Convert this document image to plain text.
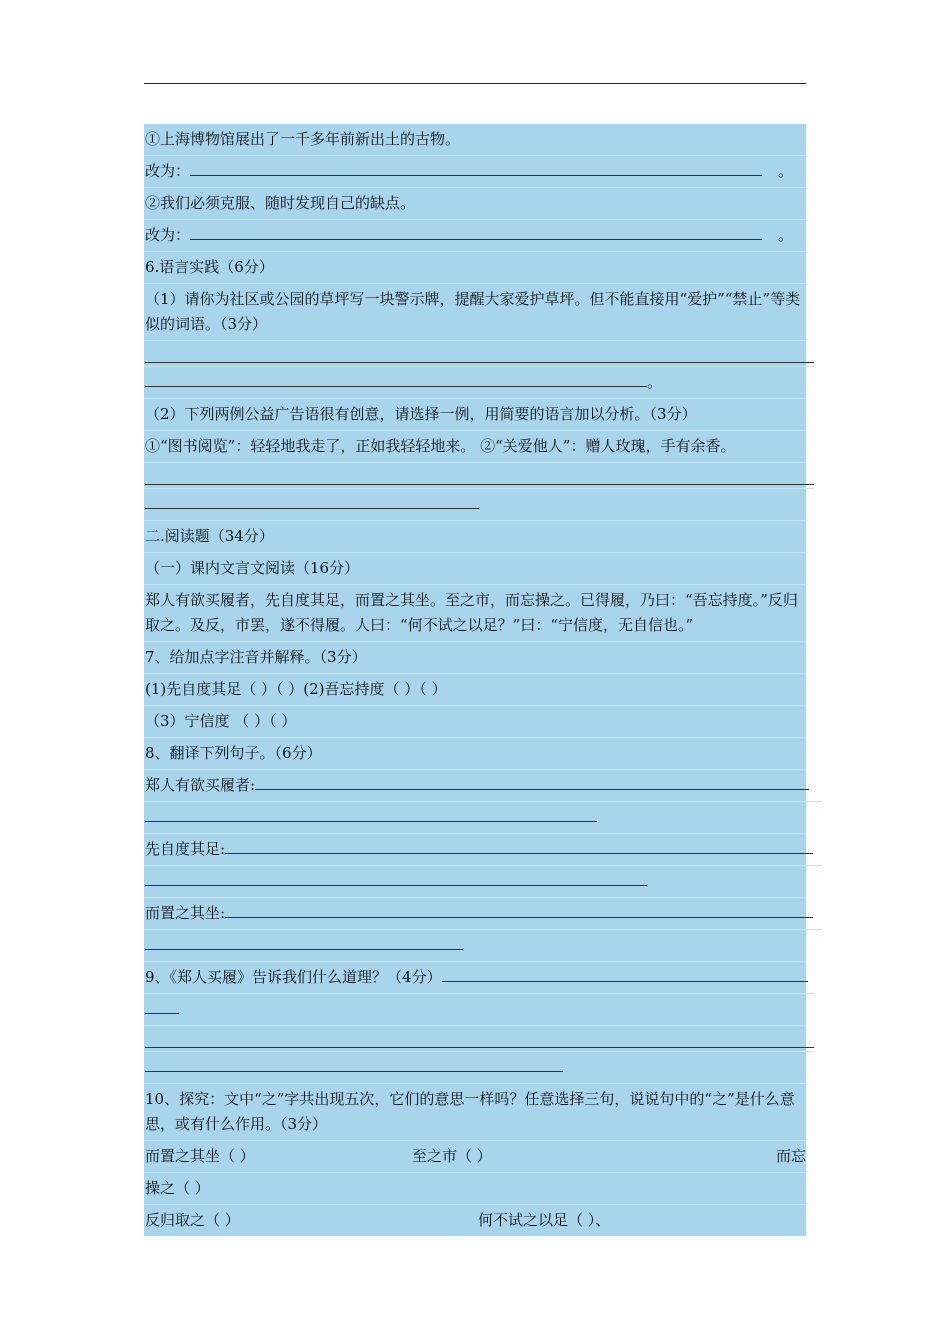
①上海博物馆展出了一千多年前新出土的古物。
改为：	。
②我们必须克服、随时发现自己的缺点。
改为：	。
6.语言实践（6分）
（1）请你为社区或公园的草坪写一块警示牌，提醒大家爱护草坪。但不能直接用“爱护”“禁止”等类似的词语。（3分）
。
（2）下列两例公益广告语很有创意，请选择一例，用简要的语言加以分析。（3分）
①“图书阅览”：轻轻地我走了，正如我轻轻地来。 ②“关爱他人”：赠人玫瑰，手有余香。
二.阅读题（34分）
（一）课内文言文阅读（16分）
郑人有欲买履者，先自度其足，而置之其坐。至之市，而忘操之。已得履，乃曰：“吾忘持度。”反归取之。及反，市罢，遂不得履。人曰：“何不试之以足？”曰：“宁信度，无自信也。”
7、给加点字注音并解释。（3分）
(1)先自度其足（ ）（ ）(2)吾忘持度（ ）（ ）
（3）宁信度 （ ）（ ）
8、翻译下列句子。（6分）
郑人有欲买履者:
先自度其足:
而置之其坐:
9、《郑人买履》告诉我们什么道理？（4分）
10、探究：文中“之”字共出现五次，它们的意思一样吗？任意选择三句，说说句中的“之”是什么意思，或有什么作用。（3分）
而置之其坐（ ）	至之市（ ）	而忘
操之（ ）
反归取之（ ）	何不试之以足（ ）、
